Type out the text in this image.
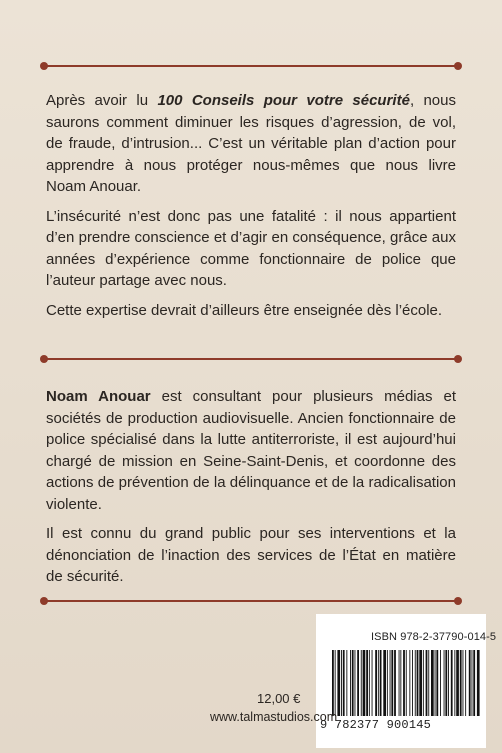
Après avoir lu 100 Conseils pour votre sécurité, nous saurons comment diminuer les risques d’agression, de vol, de fraude, d’intrusion... C’est un véritable plan d’action pour apprendre à nous protéger nous-mêmes que nous livre Noam Anouar.

L’insécurité n’est donc pas une fatalité : il nous appartient d’en prendre conscience et d’agir en conséquence, grâce aux années d’expérience comme fonctionnaire de police que l’auteur partage avec nous.

Cette expertise devrait d’ailleurs être enseignée dès l’école.

Noam Anouar est consultant pour plusieurs médias et sociétés de production audiovisuelle. Ancien fonctionnaire de police spécialisé dans la lutte antiterroriste, il est aujourd’hui chargé de mission en Seine-Saint-Denis, et coordonne des actions de prévention de la délinquance et de la radicalisation violente.

Il est connu du grand public pour ses interventions et la dénonciation de l’inaction des services de l’État en matière de sécurité.

ISBN 978-2-37790-014-5
9 782377 900145
12,00 €
www.talmastudios.com
